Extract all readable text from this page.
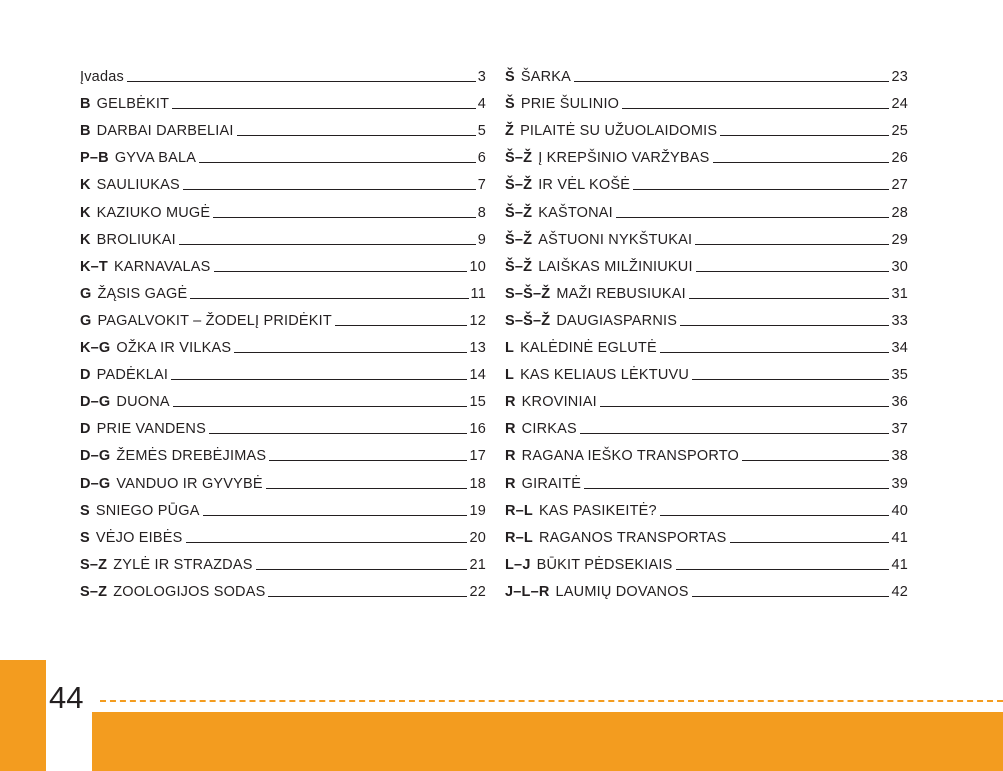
Įvadas	3
B GELBĖKIT	4
B DARBAI DARBELIAI	5
P–B GYVA BALA	6
K SAULIUKAS	7
K KAZIUKO MUGĖ	8
K BROLIUKAI	9
K–T KARNAVALAS	10
G ŽĄSIS GAGĖ	11
G PAGALVOKIT – ŽODELĮ PRIDĖKIT	12
K–G OŽKA IR VILKAS	13
D PADĖKLAI	14
D–G DUONA	15
D PRIE VANDENS	16
D–G ŽEMĖS DREBĖJIMAS	17
D–G VANDUO IR GYVYBĖ	18
S SNIEGO PŪGA	19
S VĖJO EIBĖS	20
S–Z ZYLĖ IR STRAZDAS	21
S–Z ZOOLOGIJOS SODAS	22
Š ŠARKA	23
Š PRIE ŠULINIO	24
Ž PILAITĖ SU UŽUOLAIDOMIS	25
Š–Ž Į KREPŠINIO VARŽYBAS	26
Š–Ž IR VĖL KOŠĖ	27
Š–Ž KAŠTONAI	28
Š–Ž AŠTUONI NYKŠTUKAI	29
Š–Ž LAIŠKAS MILŽINIUKUI	30
S–Š–Ž MAŽI REBUSIUKAI	31
S–Š–Ž DAUGIASPARNIS	33
L KALĖDINĖ EGLUTĖ	34
L KAS KELIAUS LĖKTUVU	35
R KROVINIAI	36
R CIRKAS	37
R RAGANA IEŠKO TRANSPORTO	38
R GIRAITĖ	39
R–L KAS PASIKEITĖ?	40
R–L RAGANOS TRANSPORTAS	41
L–J BŪKIT PĖDSEKIAIS	41
J–L–R LAUMIŲ DOVANOS	42
44
